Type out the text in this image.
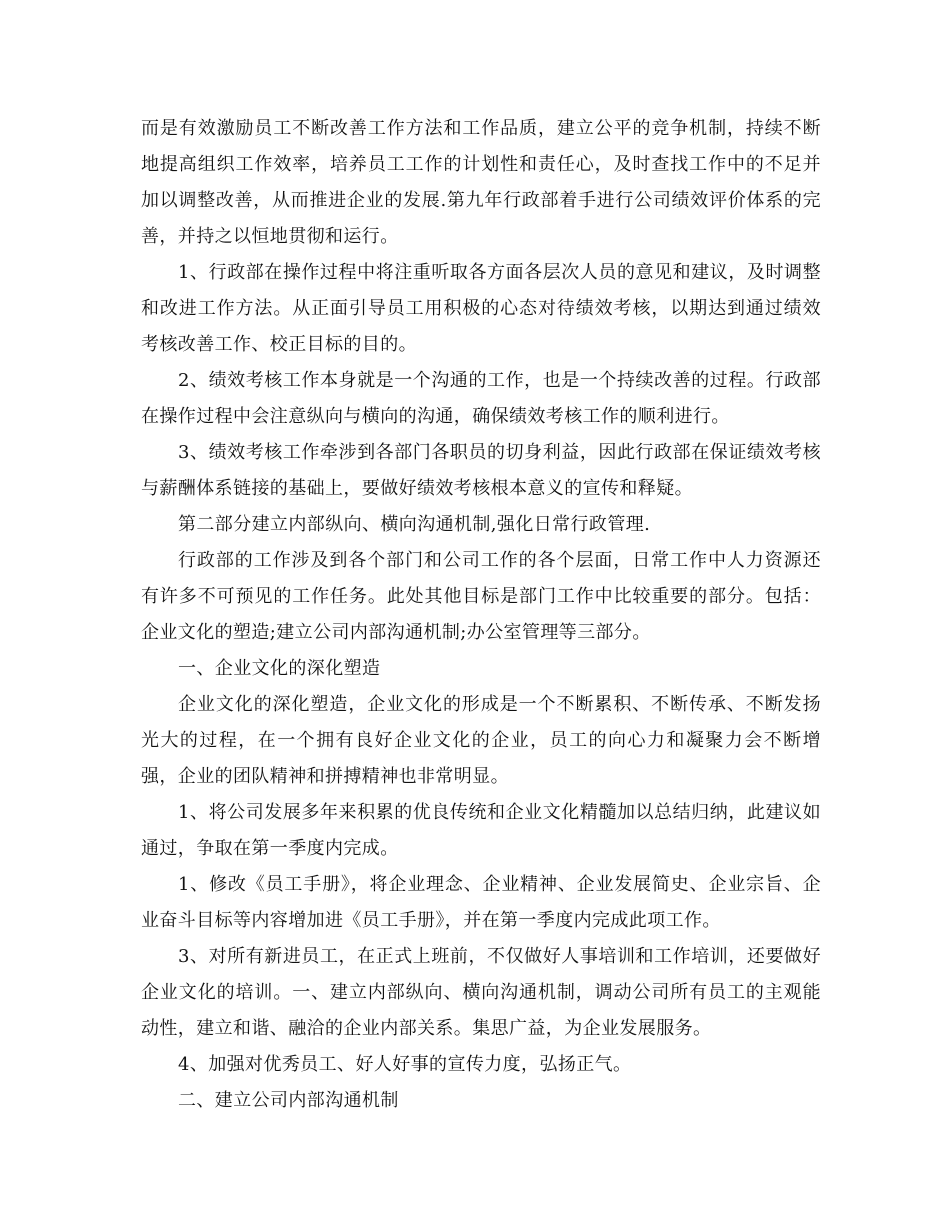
而是有效激励员工不断改善工作方法和工作品质，建立公平的竞争机制，持续不断地提高组织工作效率，培养员工工作的计划性和责任心，及时查找工作中的不足并加以调整改善，从而推进企业的发展.第九年行政部着手进行公司绩效评价体系的完善，并持之以恒地贯彻和运行。

1、行政部在操作过程中将注重听取各方面各层次人员的意见和建议，及时调整和改进工作方法。从正面引导员工用积极的心态对待绩效考核，以期达到通过绩效考核改善工作、校正目标的目的。

2、绩效考核工作本身就是一个沟通的工作，也是一个持续改善的过程。行政部在操作过程中会注意纵向与横向的沟通，确保绩效考核工作的顺利进行。

3、绩效考核工作牵涉到各部门各职员的切身利益，因此行政部在保证绩效考核与薪酬体系链接的基础上，要做好绩效考核根本意义的宣传和释疑。

第二部分建立内部纵向、横向沟通机制,强化日常行政管理.

行政部的工作涉及到各个部门和公司工作的各个层面，日常工作中人力资源还有许多不可预见的工作任务。此处其他目标是部门工作中比较重要的部分。包括：企业文化的塑造;建立公司内部沟通机制;办公室管理等三部分。

一、企业文化的深化塑造

企业文化的深化塑造，企业文化的形成是一个不断累积、不断传承、不断发扬光大的过程，在一个拥有良好企业文化的企业，员工的向心力和凝聚力会不断增强，企业的团队精神和拼搏精神也非常明显。

1、将公司发展多年来积累的优良传统和企业文化精髓加以总结归纳，此建议如通过，争取在第一季度内完成。

1、修改《员工手册》，将企业理念、企业精神、企业发展简史、企业宗旨、企业奋斗目标等内容增加进《员工手册》，并在第一季度内完成此项工作。

3、对所有新进员工，在正式上班前，不仅做好人事培训和工作培训，还要做好企业文化的培训。一、建立内部纵向、横向沟通机制，调动公司所有员工的主观能动性，建立和谐、融洽的企业内部关系。集思广益，为企业发展服务。

4、加强对优秀员工、好人好事的宣传力度，弘扬正气。

二、建立公司内部沟通机制
